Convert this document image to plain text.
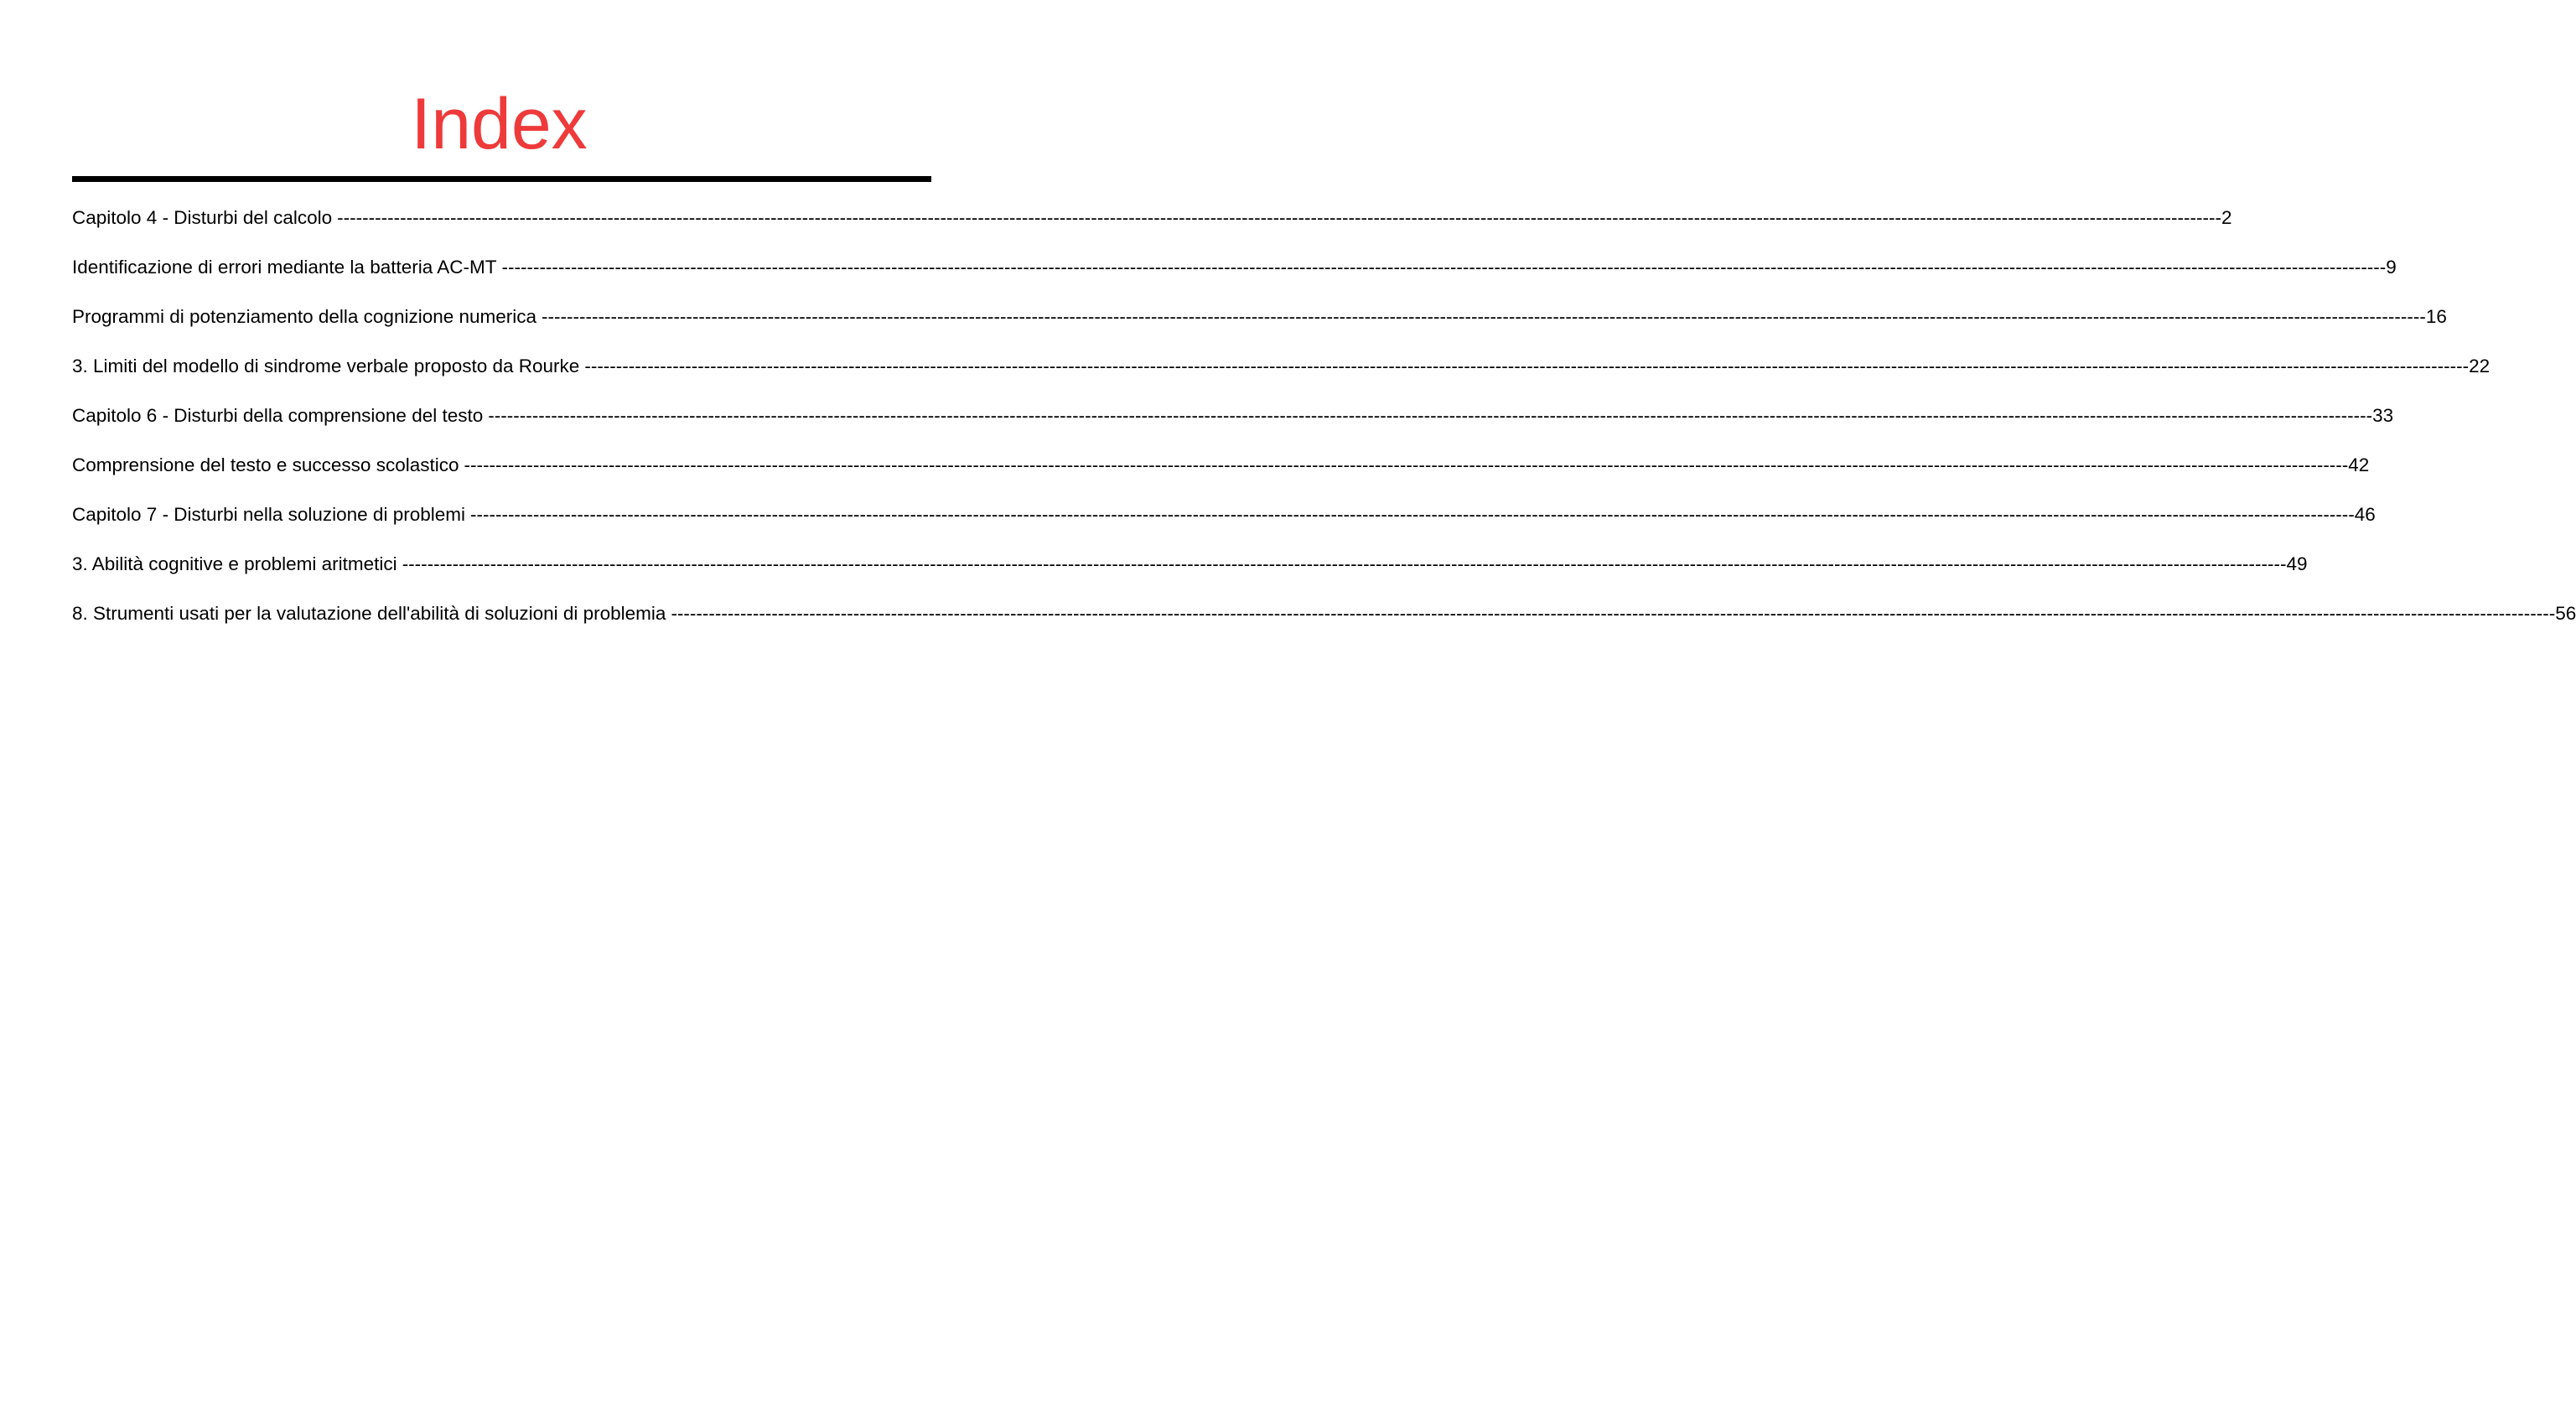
Index
Capitolo 4 - Disturbi del calcolo ------------------------------------------------------------------------------------------------------------------------------------------------------------------------------------------------------------------------------------------------------------------------------------------------------------ 2
Identificazione di errori mediante la batteria AC-MT ------------------------------------------------------------------------------------------------------------------------------------------------------------------------------------------------------------------------------------------------------------------------------------------------------------ 9
Programmi di potenziamento della cognizione numerica ------------------------------------------------------------------------------------------------------------------------------------------------------------------------------------------------------------------------------------------------------------------------------------------------------------ 16
3. Limiti del modello di sindrome verbale proposto da Rourke ------------------------------------------------------------------------------------------------------------------------------------------------------------------------------------------------------------------------------------------------------------------------------------------------------------ 22
Capitolo 6 - Disturbi della comprensione del testo ------------------------------------------------------------------------------------------------------------------------------------------------------------------------------------------------------------------------------------------------------------------------------------------------------------ 33
Comprensione del testo e successo scolastico ------------------------------------------------------------------------------------------------------------------------------------------------------------------------------------------------------------------------------------------------------------------------------------------------------------ 42
Capitolo 7 - Disturbi nella soluzione di problemi ------------------------------------------------------------------------------------------------------------------------------------------------------------------------------------------------------------------------------------------------------------------------------------------------------------ 46
3. Abilità cognitive e problemi aritmetici ------------------------------------------------------------------------------------------------------------------------------------------------------------------------------------------------------------------------------------------------------------------------------------------------------------ 49
8. Strumenti usati per la valutazione dell'abilità di soluzioni di problemia ------------------------------------------------------------------------------------------------------------------------------------------------------------------------------------------------------------------------------------------------------------------------------------------------------------ 56
